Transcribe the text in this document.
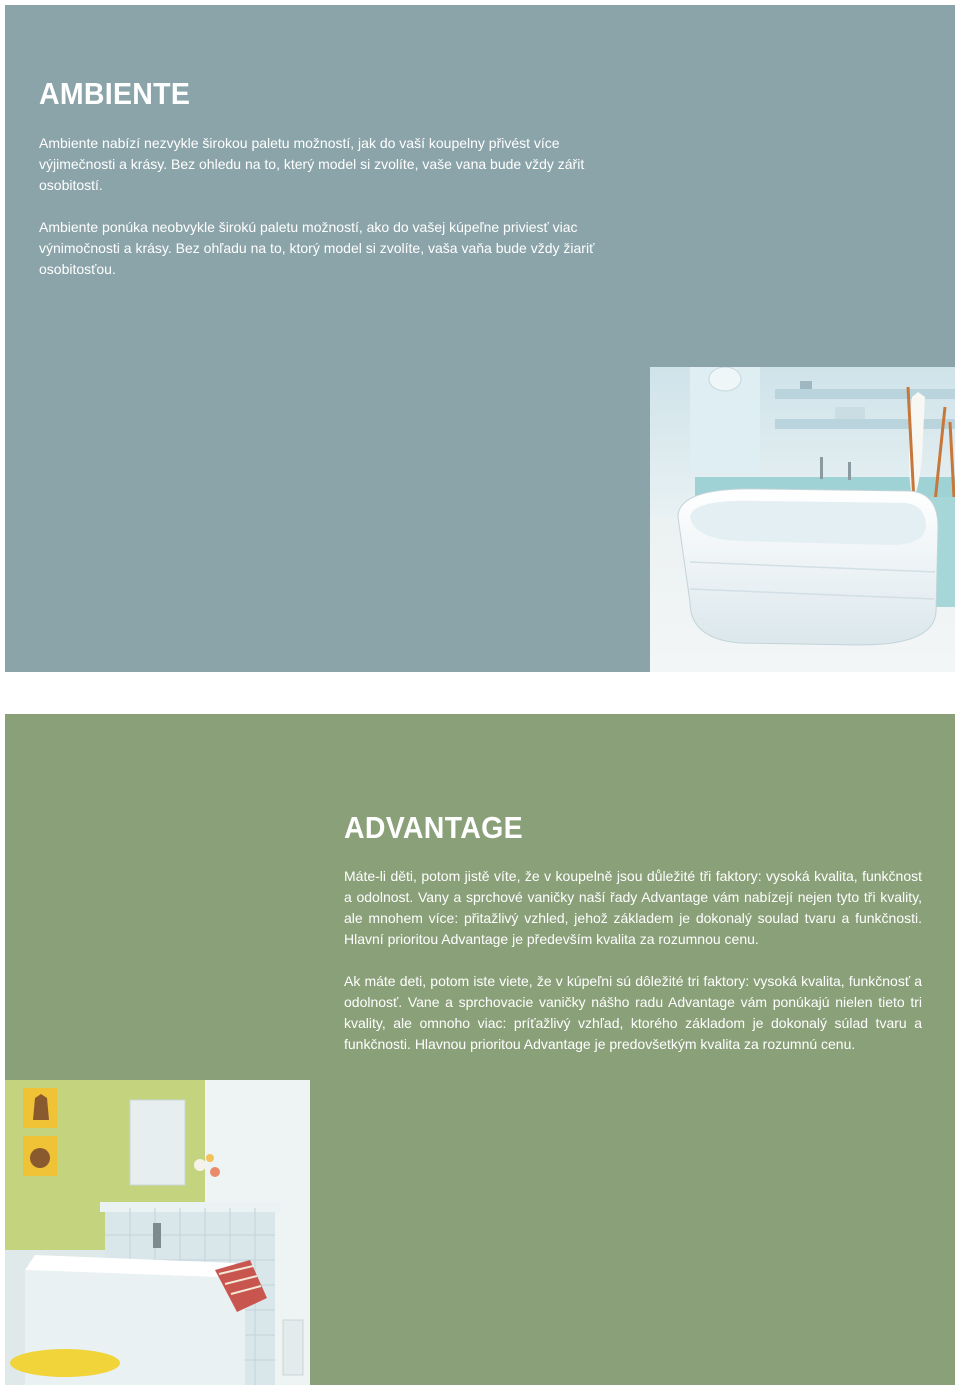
AMBIENTE

Ambiente nabízí nezvykle širokou paletu možností, jak do vaší koupelny přivést více výjimečnosti a krásy. Bez ohledu na to, který model si zvolíte, vaše vana bude vždy zářit osobitostí.

Ambiente ponúka neobvykle širokú paletu možností, ako do vašej kúpeľne priviesť viac výnimočnosti a krásy. Bez ohľadu na to, ktorý model si zvolíte, vaša vaňa bude vždy žiariť osobitosťou.

ADVANTAGE

Máte-li děti, potom jistě víte, že v koupelně jsou důležité tři faktory: vysoká kvalita, funkčnost a odolnost. Vany a sprchové vaničky naší řady Advantage vám nabízejí nejen tyto tři kvality, ale mnohem více: přitažlivý vzhled, jehož základem je dokonalý soulad tvaru a funkčnosti. Hlavní prioritou Advantage je především kvalita za rozumnou cenu.

Ak máte deti, potom iste viete, že v kúpeľni sú dôležité tri faktory: vysoká kvalita, funkčnosť a odolnosť. Vane a sprchovacie vaničky nášho radu Advantage vám ponúkajú nielen tieto tri kvality, ale omnoho viac: príťažlivý vzhľad, ktorého základom je dokonalý súlad tvaru a funkčnosti. Hlavnou prioritou Advantage je predovšetkým kvalita za rozumnú cenu.
